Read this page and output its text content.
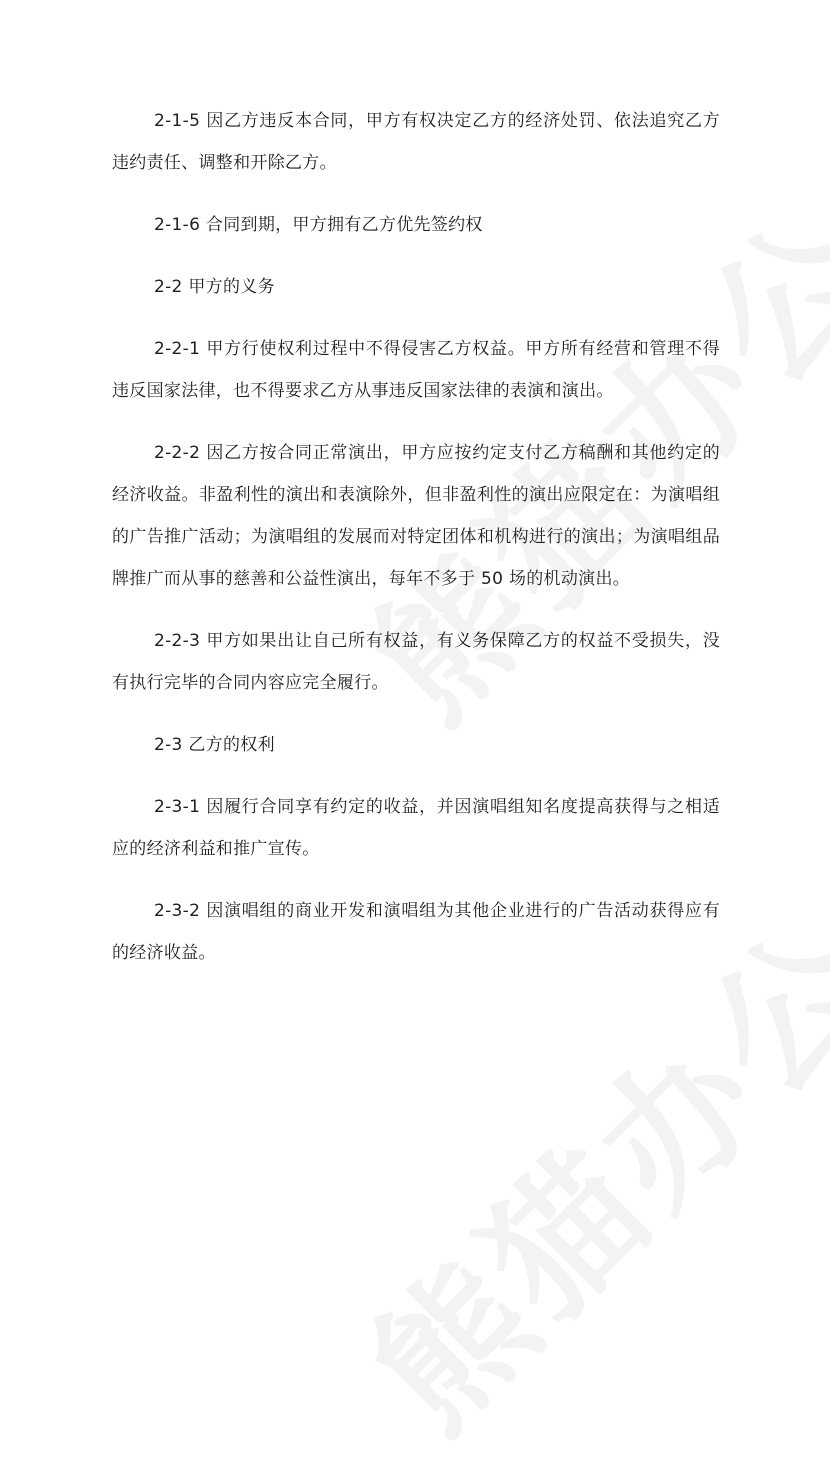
2-1-5 因乙方违反本合同，甲方有权决定乙方的经济处罚、依法追究乙方违约责任、调整和开除乙方。

2-1-6 合同到期，甲方拥有乙方优先签约权

2-2 甲方的义务

2-2-1 甲方行使权利过程中不得侵害乙方权益。甲方所有经营和管理不得违反国家法律，也不得要求乙方从事违反国家法律的表演和演出。

2-2-2 因乙方按合同正常演出，甲方应按约定支付乙方稿酬和其他约定的经济收益。非盈利性的演出和表演除外，但非盈利性的演出应限定在：为演唱组的广告推广活动；为演唱组的发展而对特定团体和机构进行的演出；为演唱组品牌推广而从事的慈善和公益性演出，每年不多于 50 场的机动演出。

2-2-3 甲方如果出让自己所有权益，有义务保障乙方的权益不受损失，没有执行完毕的合同内容应完全履行。

2-3 乙方的权利

2-3-1 因履行合同享有约定的收益，并因演唱组知名度提高获得与之相适应的经济利益和推广宣传。

2-3-2 因演唱组的商业开发和演唱组为其他企业进行的广告活动获得应有的经济收益。
